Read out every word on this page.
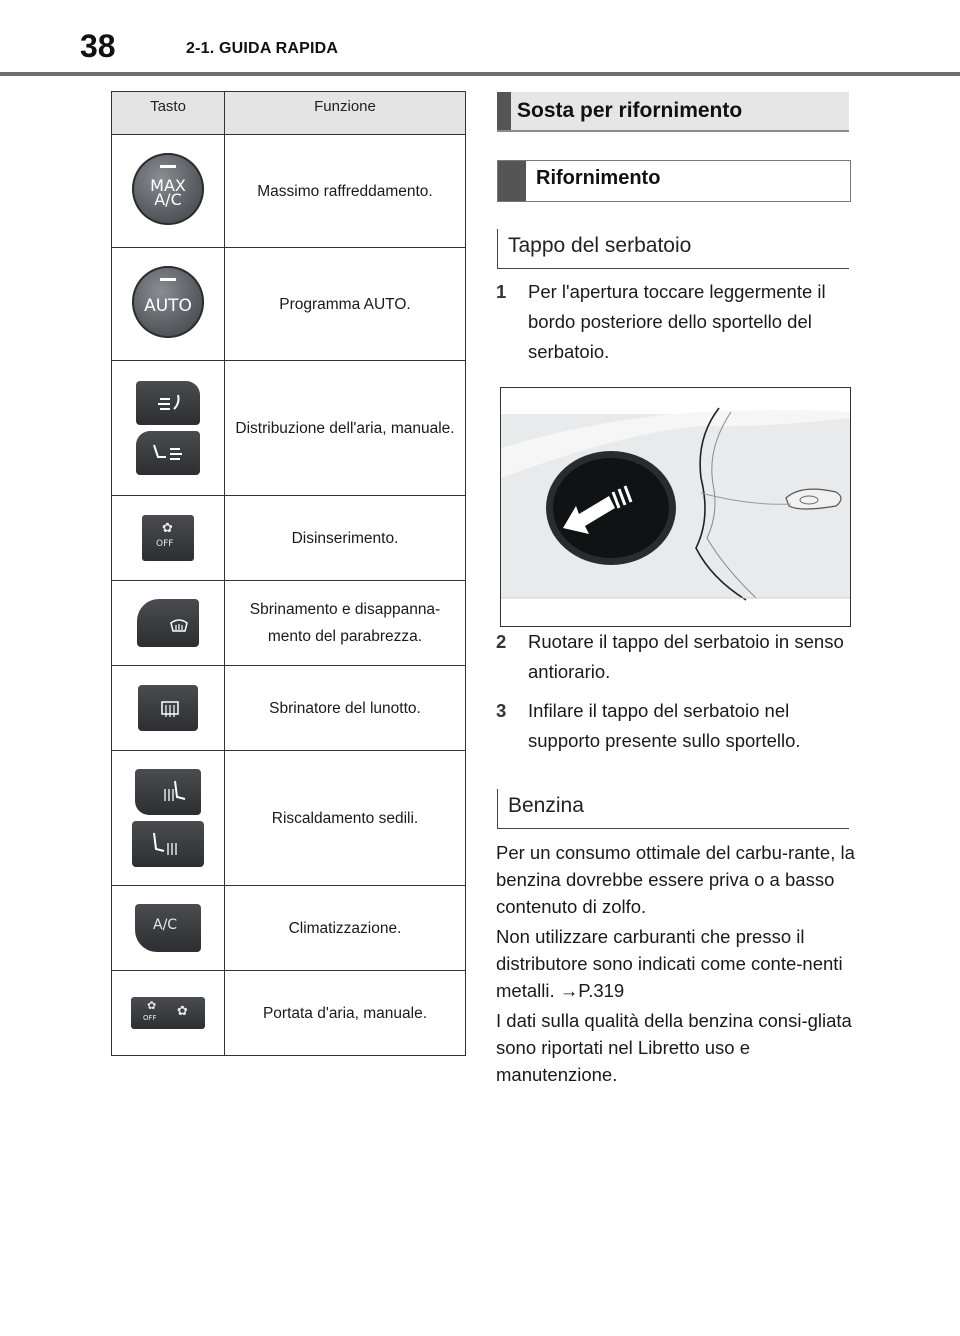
38	2-1. GUIDA RAPIDA
Tasto	Funzione

MAX
A/C	Massimo raffreddamento.

AUTO	Programma AUTO.

	Distribuzione dell'aria, manuale.

✿
OFF	Disinserimento.

	Sbrinamento e disappanna-mento del parabrezza.

	Sbrinatore del lunotto.

	Riscaldamento sedili.

A/C	Climatizzazione.

✿
OFF ✿	Portata d'aria, manuale.
Sosta per rifornimento
Rifornimento
Tappo del serbatoio
1 Per l'apertura toccare leggermente il bordo posteriore dello sportello del serbatoio.
2 Ruotare il tappo del serbatoio in senso antiorario.
3 Infilare il tappo del serbatoio nel supporto presente sullo sportello.
Benzina
Per un consumo ottimale del carbu-rante, la benzina dovrebbe essere priva o a basso contenuto di zolfo.
Non utilizzare carburanti che presso il distributore sono indicati come conte-nenti metalli. →P.319
I dati sulla qualità della benzina consi-gliata sono riportati nel Libretto uso e manutenzione.
